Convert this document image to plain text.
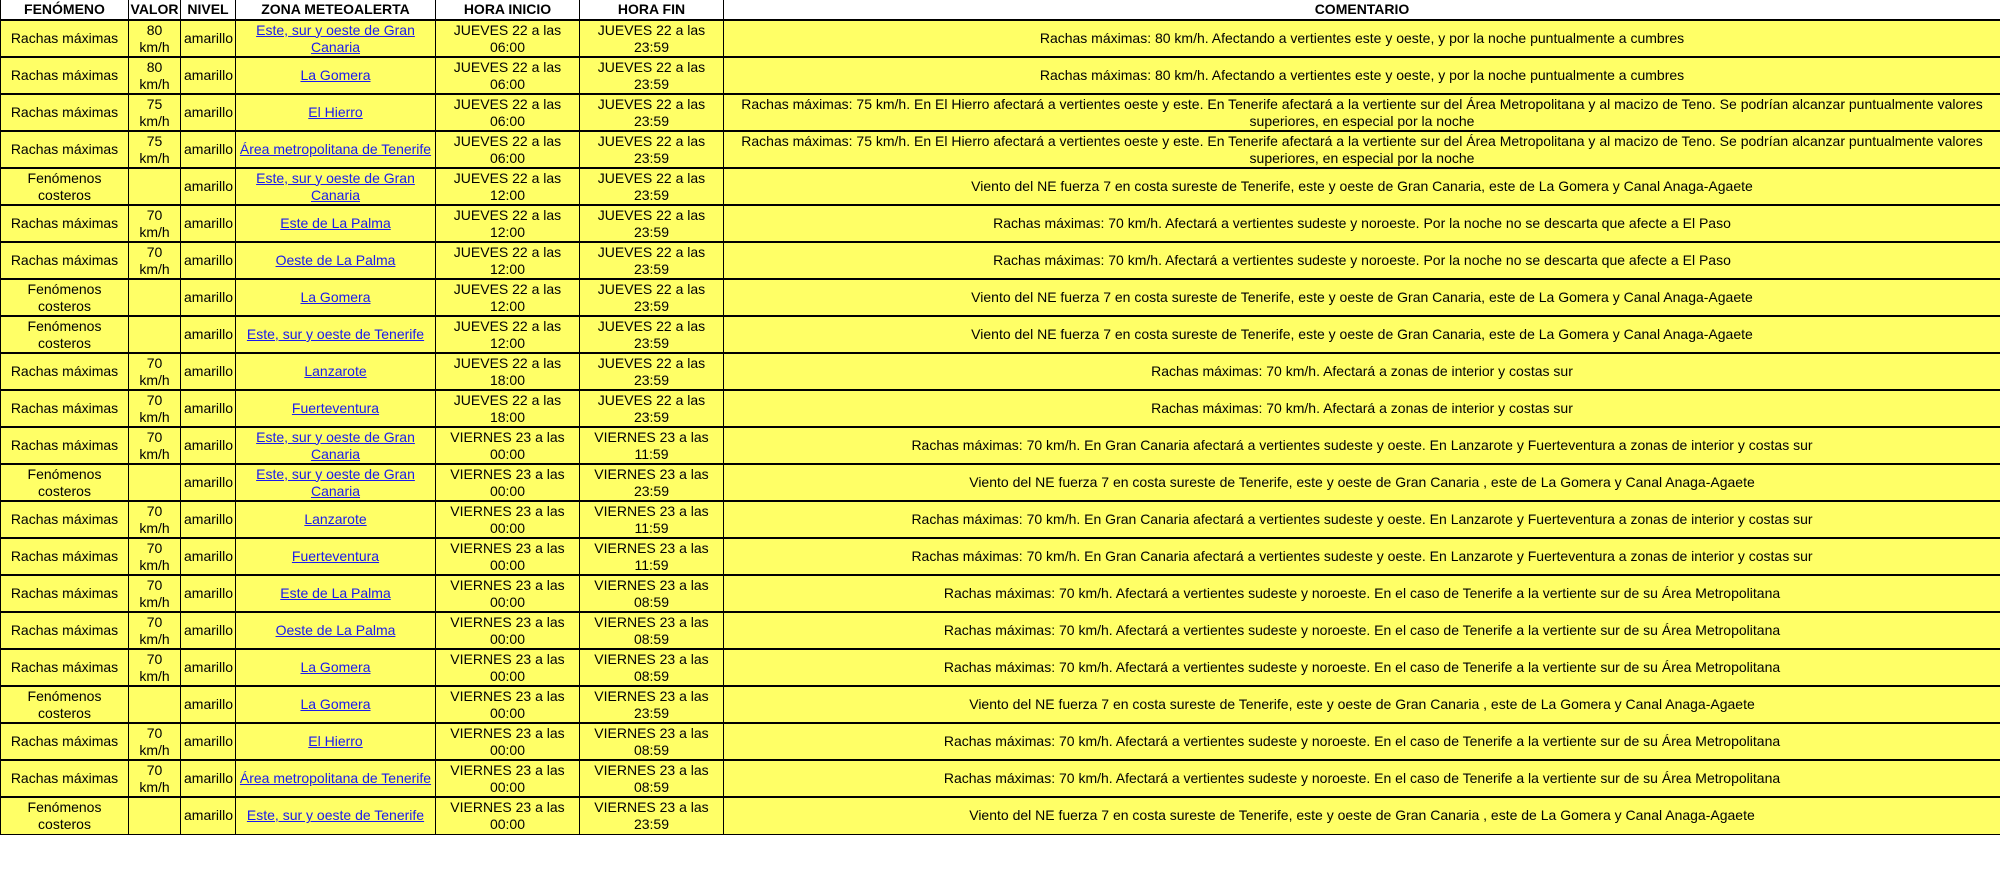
FENÓMENO	VALOR	NIVEL	ZONA METEOALERTA	HORA INICIO	HORA FIN	COMENTARIO
Rachas máximas	80 km/h	amarillo	Este, sur y oeste de Gran Canaria	JUEVES 22 a las 06:00	JUEVES 22 a las 23:59	Rachas máximas: 80 km/h. Afectando a vertientes este y oeste, y por la noche puntualmente a cumbres
Rachas máximas	80 km/h	amarillo	La Gomera	JUEVES 22 a las 06:00	JUEVES 22 a las 23:59	Rachas máximas: 80 km/h. Afectando a vertientes este y oeste, y por la noche puntualmente a cumbres
Rachas máximas	75 km/h	amarillo	El Hierro	JUEVES 22 a las 06:00	JUEVES 22 a las 23:59	Rachas máximas: 75 km/h. En El Hierro afectará a vertientes oeste y este. En Tenerife afectará a la vertiente sur del Área Metropolitana y al macizo de Teno. Se podrían alcanzar puntualmente valores superiores, en especial por la noche
Rachas máximas	75 km/h	amarillo	Área metropolitana de Tenerife	JUEVES 22 a las 06:00	JUEVES 22 a las 23:59	Rachas máximas: 75 km/h. En El Hierro afectará a vertientes oeste y este. En Tenerife afectará a la vertiente sur del Área Metropolitana y al macizo de Teno. Se podrían alcanzar puntualmente valores superiores, en especial por la noche
Fenómenos costeros		amarillo	Este, sur y oeste de Gran Canaria	JUEVES 22 a las 12:00	JUEVES 22 a las 23:59	Viento del NE fuerza 7 en costa sureste de Tenerife, este y oeste de Gran Canaria, este de La Gomera y Canal Anaga-Agaete
Rachas máximas	70 km/h	amarillo	Este de La Palma	JUEVES 22 a las 12:00	JUEVES 22 a las 23:59	Rachas máximas: 70 km/h. Afectará a vertientes sudeste y noroeste. Por la noche no se descarta que afecte a El Paso
Rachas máximas	70 km/h	amarillo	Oeste de La Palma	JUEVES 22 a las 12:00	JUEVES 22 a las 23:59	Rachas máximas: 70 km/h. Afectará a vertientes sudeste y noroeste. Por la noche no se descarta que afecte a El Paso
Fenómenos costeros		amarillo	La Gomera	JUEVES 22 a las 12:00	JUEVES 22 a las 23:59	Viento del NE fuerza 7 en costa sureste de Tenerife, este y oeste de Gran Canaria, este de La Gomera y Canal Anaga-Agaete
Fenómenos costeros		amarillo	Este, sur y oeste de Tenerife	JUEVES 22 a las 12:00	JUEVES 22 a las 23:59	Viento del NE fuerza 7 en costa sureste de Tenerife, este y oeste de Gran Canaria, este de La Gomera y Canal Anaga-Agaete
Rachas máximas	70 km/h	amarillo	Lanzarote	JUEVES 22 a las 18:00	JUEVES 22 a las 23:59	Rachas máximas: 70 km/h. Afectará a zonas de interior y costas sur
Rachas máximas	70 km/h	amarillo	Fuerteventura	JUEVES 22 a las 18:00	JUEVES 22 a las 23:59	Rachas máximas: 70 km/h. Afectará a zonas de interior y costas sur
Rachas máximas	70 km/h	amarillo	Este, sur y oeste de Gran Canaria	VIERNES 23 a las 00:00	VIERNES 23 a las 11:59	Rachas máximas: 70 km/h. En Gran Canaria afectará a vertientes sudeste y oeste. En Lanzarote y Fuerteventura a zonas de interior y costas sur
Fenómenos costeros		amarillo	Este, sur y oeste de Gran Canaria	VIERNES 23 a las 00:00	VIERNES 23 a las 23:59	Viento del NE fuerza 7 en costa sureste de Tenerife, este y oeste de Gran Canaria , este de La Gomera y Canal Anaga-Agaete
Rachas máximas	70 km/h	amarillo	Lanzarote	VIERNES 23 a las 00:00	VIERNES 23 a las 11:59	Rachas máximas: 70 km/h. En Gran Canaria afectará a vertientes sudeste y oeste. En Lanzarote y Fuerteventura a zonas de interior y costas sur
Rachas máximas	70 km/h	amarillo	Fuerteventura	VIERNES 23 a las 00:00	VIERNES 23 a las 11:59	Rachas máximas: 70 km/h. En Gran Canaria afectará a vertientes sudeste y oeste. En Lanzarote y Fuerteventura a zonas de interior y costas sur
Rachas máximas	70 km/h	amarillo	Este de La Palma	VIERNES 23 a las 00:00	VIERNES 23 a las 08:59	Rachas máximas: 70 km/h. Afectará a vertientes sudeste y noroeste. En el caso de Tenerife a la vertiente sur de su Área Metropolitana
Rachas máximas	70 km/h	amarillo	Oeste de La Palma	VIERNES 23 a las 00:00	VIERNES 23 a las 08:59	Rachas máximas: 70 km/h. Afectará a vertientes sudeste y noroeste. En el caso de Tenerife a la vertiente sur de su Área Metropolitana
Rachas máximas	70 km/h	amarillo	La Gomera	VIERNES 23 a las 00:00	VIERNES 23 a las 08:59	Rachas máximas: 70 km/h. Afectará a vertientes sudeste y noroeste. En el caso de Tenerife a la vertiente sur de su Área Metropolitana
Fenómenos costeros		amarillo	La Gomera	VIERNES 23 a las 00:00	VIERNES 23 a las 23:59	Viento del NE fuerza 7 en costa sureste de Tenerife, este y oeste de Gran Canaria , este de La Gomera y Canal Anaga-Agaete
Rachas máximas	70 km/h	amarillo	El Hierro	VIERNES 23 a las 00:00	VIERNES 23 a las 08:59	Rachas máximas: 70 km/h. Afectará a vertientes sudeste y noroeste. En el caso de Tenerife a la vertiente sur de su Área Metropolitana
Rachas máximas	70 km/h	amarillo	Área metropolitana de Tenerife	VIERNES 23 a las 00:00	VIERNES 23 a las 08:59	Rachas máximas: 70 km/h. Afectará a vertientes sudeste y noroeste. En el caso de Tenerife a la vertiente sur de su Área Metropolitana
Fenómenos costeros		amarillo	Este, sur y oeste de Tenerife	VIERNES 23 a las 00:00	VIERNES 23 a las 23:59	Viento del NE fuerza 7 en costa sureste de Tenerife, este y oeste de Gran Canaria , este de La Gomera y Canal Anaga-Agaete
